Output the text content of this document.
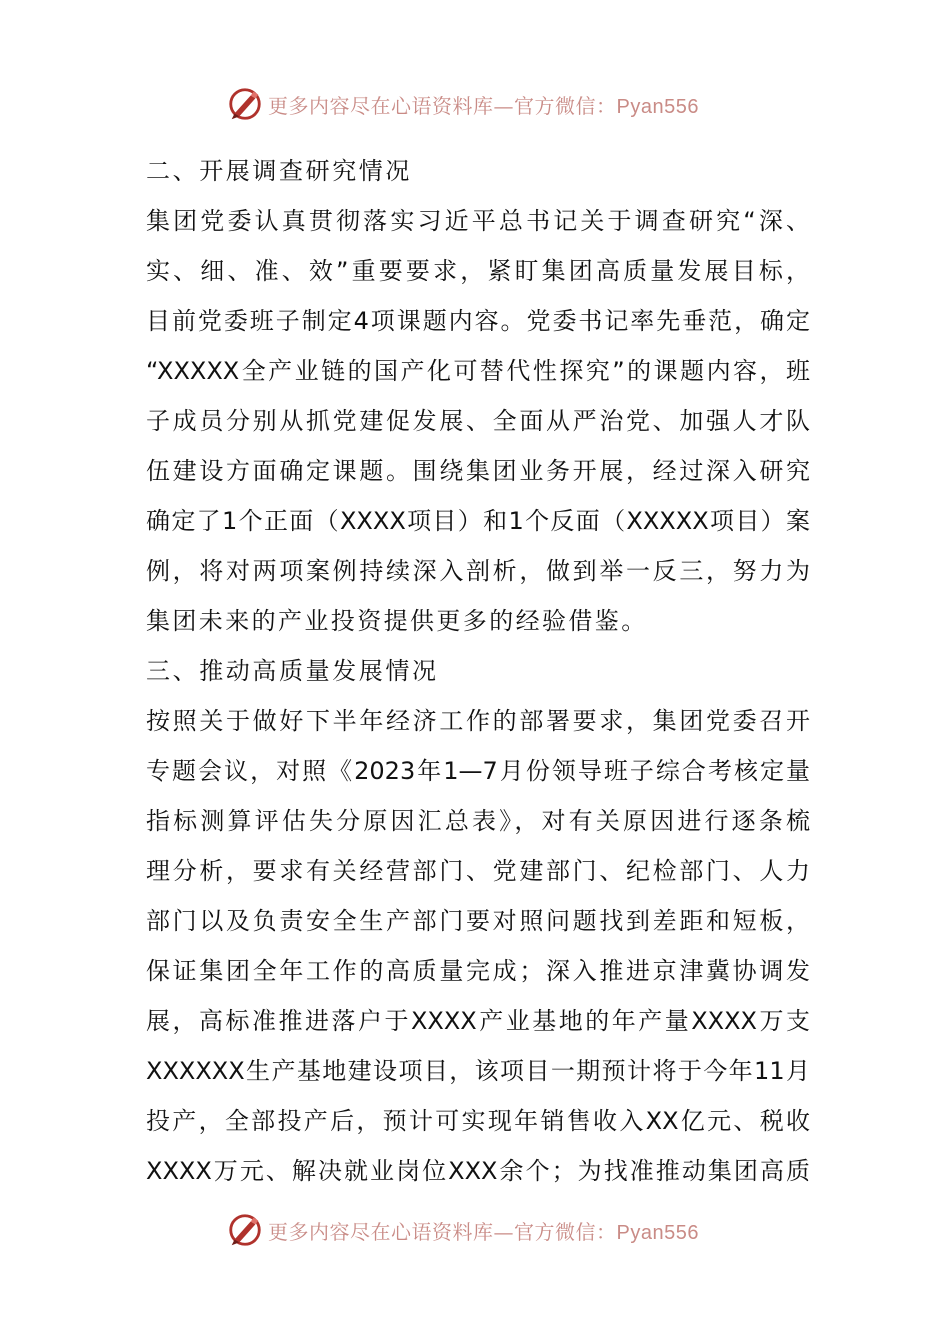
更多内容尽在心语资料库—官方微信：Pyan556
二、开展调查研究情况
集团党委认真贯彻落实习近平总书记关于调查研究“深、
实、细、准、效”重要要求，紧盯集团高质量发展目标，
目前党委班子制定4项课题内容。党委书记率先垂范，确定
“XXXXX全产业链的国产化可替代性探究”的课题内容，班
子成员分别从抓党建促发展、全面从严治党、加强人才队
伍建设方面确定课题。围绕集团业务开展，经过深入研究
确定了1个正面（XXXX项目）和1个反面（XXXXX项目）案
例，将对两项案例持续深入剖析，做到举一反三，努力为
集团未来的产业投资提供更多的经验借鉴。
三、推动高质量发展情况
按照关于做好下半年经济工作的部署要求，集团党委召开
专题会议，对照《2023年1—7月份领导班子综合考核定量
指标测算评估失分原因汇总表》，对有关原因进行逐条梳
理分析，要求有关经营部门、党建部门、纪检部门、人力
部门以及负责安全生产部门要对照问题找到差距和短板，
保证集团全年工作的高质量完成；深入推进京津冀协调发
展，高标准推进落户于XXXX产业基地的年产量XXXX万支
XXXXXX生产基地建设项目，该项目一期预计将于今年11月
投产，全部投产后，预计可实现年销售收入XX亿元、税收
XXXX万元、解决就业岗位XXX余个；为找准推动集团高质
更多内容尽在心语资料库—官方微信：Pyan556
